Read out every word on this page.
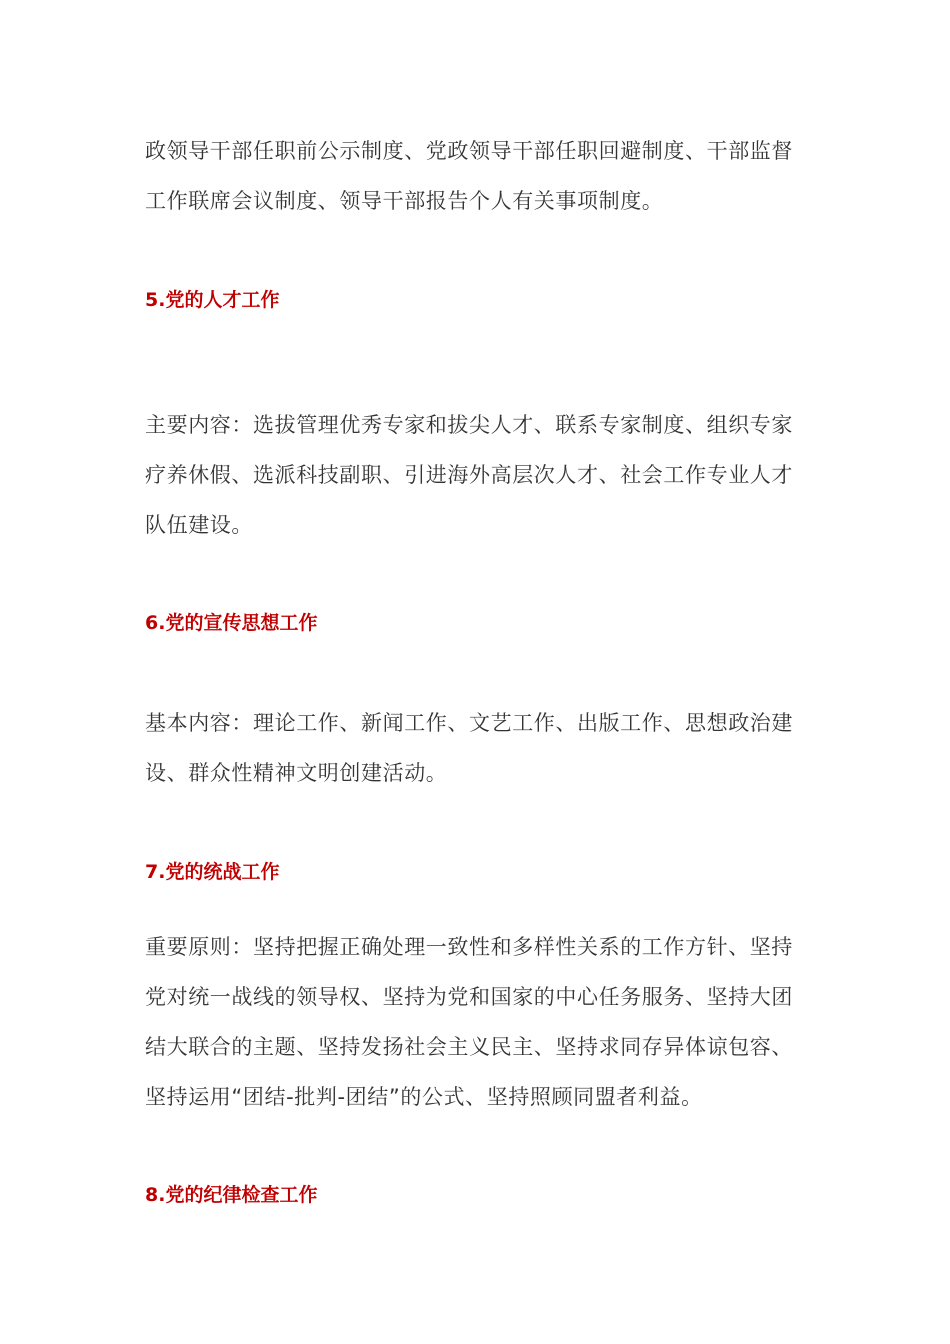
政领导干部任职前公示制度、党政领导干部任职回避制度、干部监督
工作联席会议制度、领导干部报告个人有关事项制度。
5.党的人才工作
主要内容：选拔管理优秀专家和拔尖人才、联系专家制度、组织专家
疗养休假、选派科技副职、引进海外高层次人才、社会工作专业人才
队伍建设。
6.党的宣传思想工作
基本内容：理论工作、新闻工作、文艺工作、出版工作、思想政治建
设、群众性精神文明创建活动。
7.党的统战工作
重要原则：坚持把握正确处理一致性和多样性关系的工作方针、坚持
党对统一战线的领导权、坚持为党和国家的中心任务服务、坚持大团
结大联合的主题、坚持发扬社会主义民主、坚持求同存异体谅包容、
坚持运用“团结-批判-团结”的公式、坚持照顾同盟者利益。
8.党的纪律检查工作
